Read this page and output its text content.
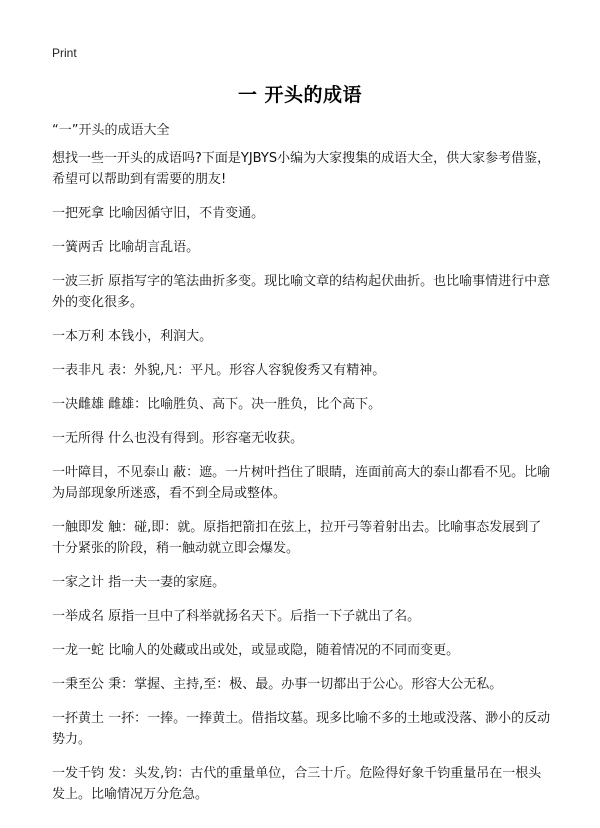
Print
一 开头的成语
“一”开头的成语大全

想找一些一开头的成语吗?下面是YJBYS小编为大家搜集的成语大全，供大家参考借鉴，希望可以帮助到有需要的朋友!

一把死拿 比喻因循守旧，不肯变通。

一簧两舌 比喻胡言乱语。

一波三折 原指写字的笔法曲折多变。现比喻文章的结构起伏曲折。也比喻事情进行中意外的变化很多。

一本万利 本钱小，利润大。

一表非凡 表：外貌,凡：平凡。形容人容貌俊秀又有精神。

一决雌雄 雌雄：比喻胜负、高下。决一胜负，比个高下。

一无所得 什么也没有得到。形容毫无收获。

一叶障目，不见泰山 蔽：遮。一片树叶挡住了眼睛，连面前高大的泰山都看不见。比喻为局部现象所迷惑，看不到全局或整体。

一触即发 触：碰,即：就。原指把箭扣在弦上，拉开弓等着射出去。比喻事态发展到了十分紧张的阶段，稍一触动就立即会爆发。

一家之计 指一夫一妻的家庭。

一举成名 原指一旦中了科举就扬名天下。后指一下子就出了名。

一龙一蛇 比喻人的处藏或出或处，或显或隐，随着情况的不同而变更。

一秉至公 秉：掌握、主持,至：极、最。办事一切都出于公心。形容大公无私。

一抔黄土 一抔：一捧。一捧黄土。借指坟墓。现多比喻不多的土地或没落、渺小的反动势力。

一发千钧 发：头发,钧：古代的重量单位，合三十斤。危险得好象千钧重量吊在一根头发上。比喻情况万分危急。
